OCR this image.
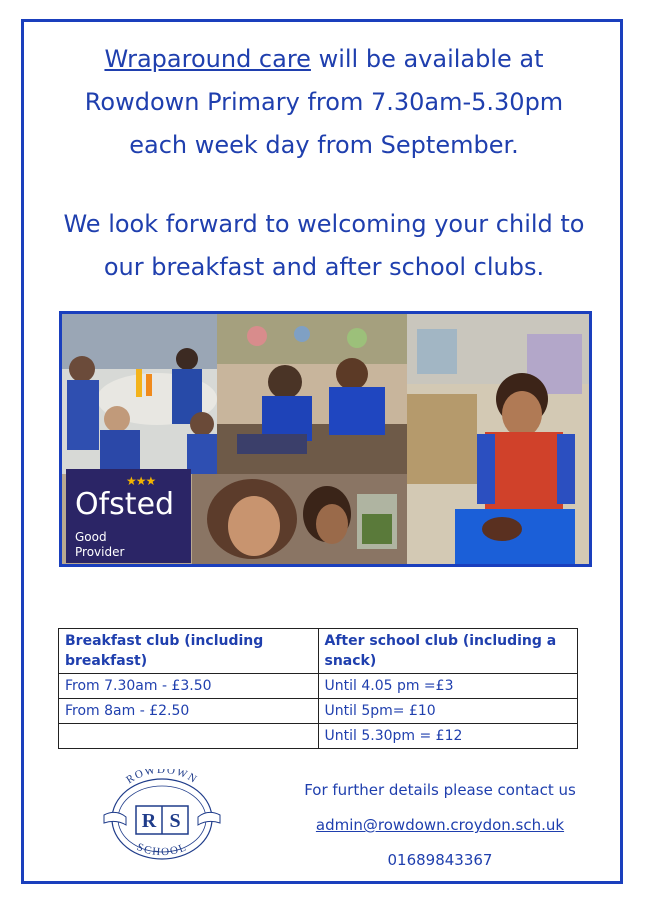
Wraparound care will be available at
Rowdown Primary from 7.30am-5.30pm
each week day from September.
We look forward to welcoming your child to
our breakfast and after school clubs.
★★★
Ofsted
Good
Provider
Breakfast club (including breakfast)	After school club (including a snack)
From 7.30am - £3.50	Until 4.05 pm =£3
From 8am - £2.50	Until 5pm= £10
	Until 5.30pm = £12
ROWDOWN
SCHOOL
R S
For further details please contact us
admin@rowdown.croydon.sch.uk
01689843367
